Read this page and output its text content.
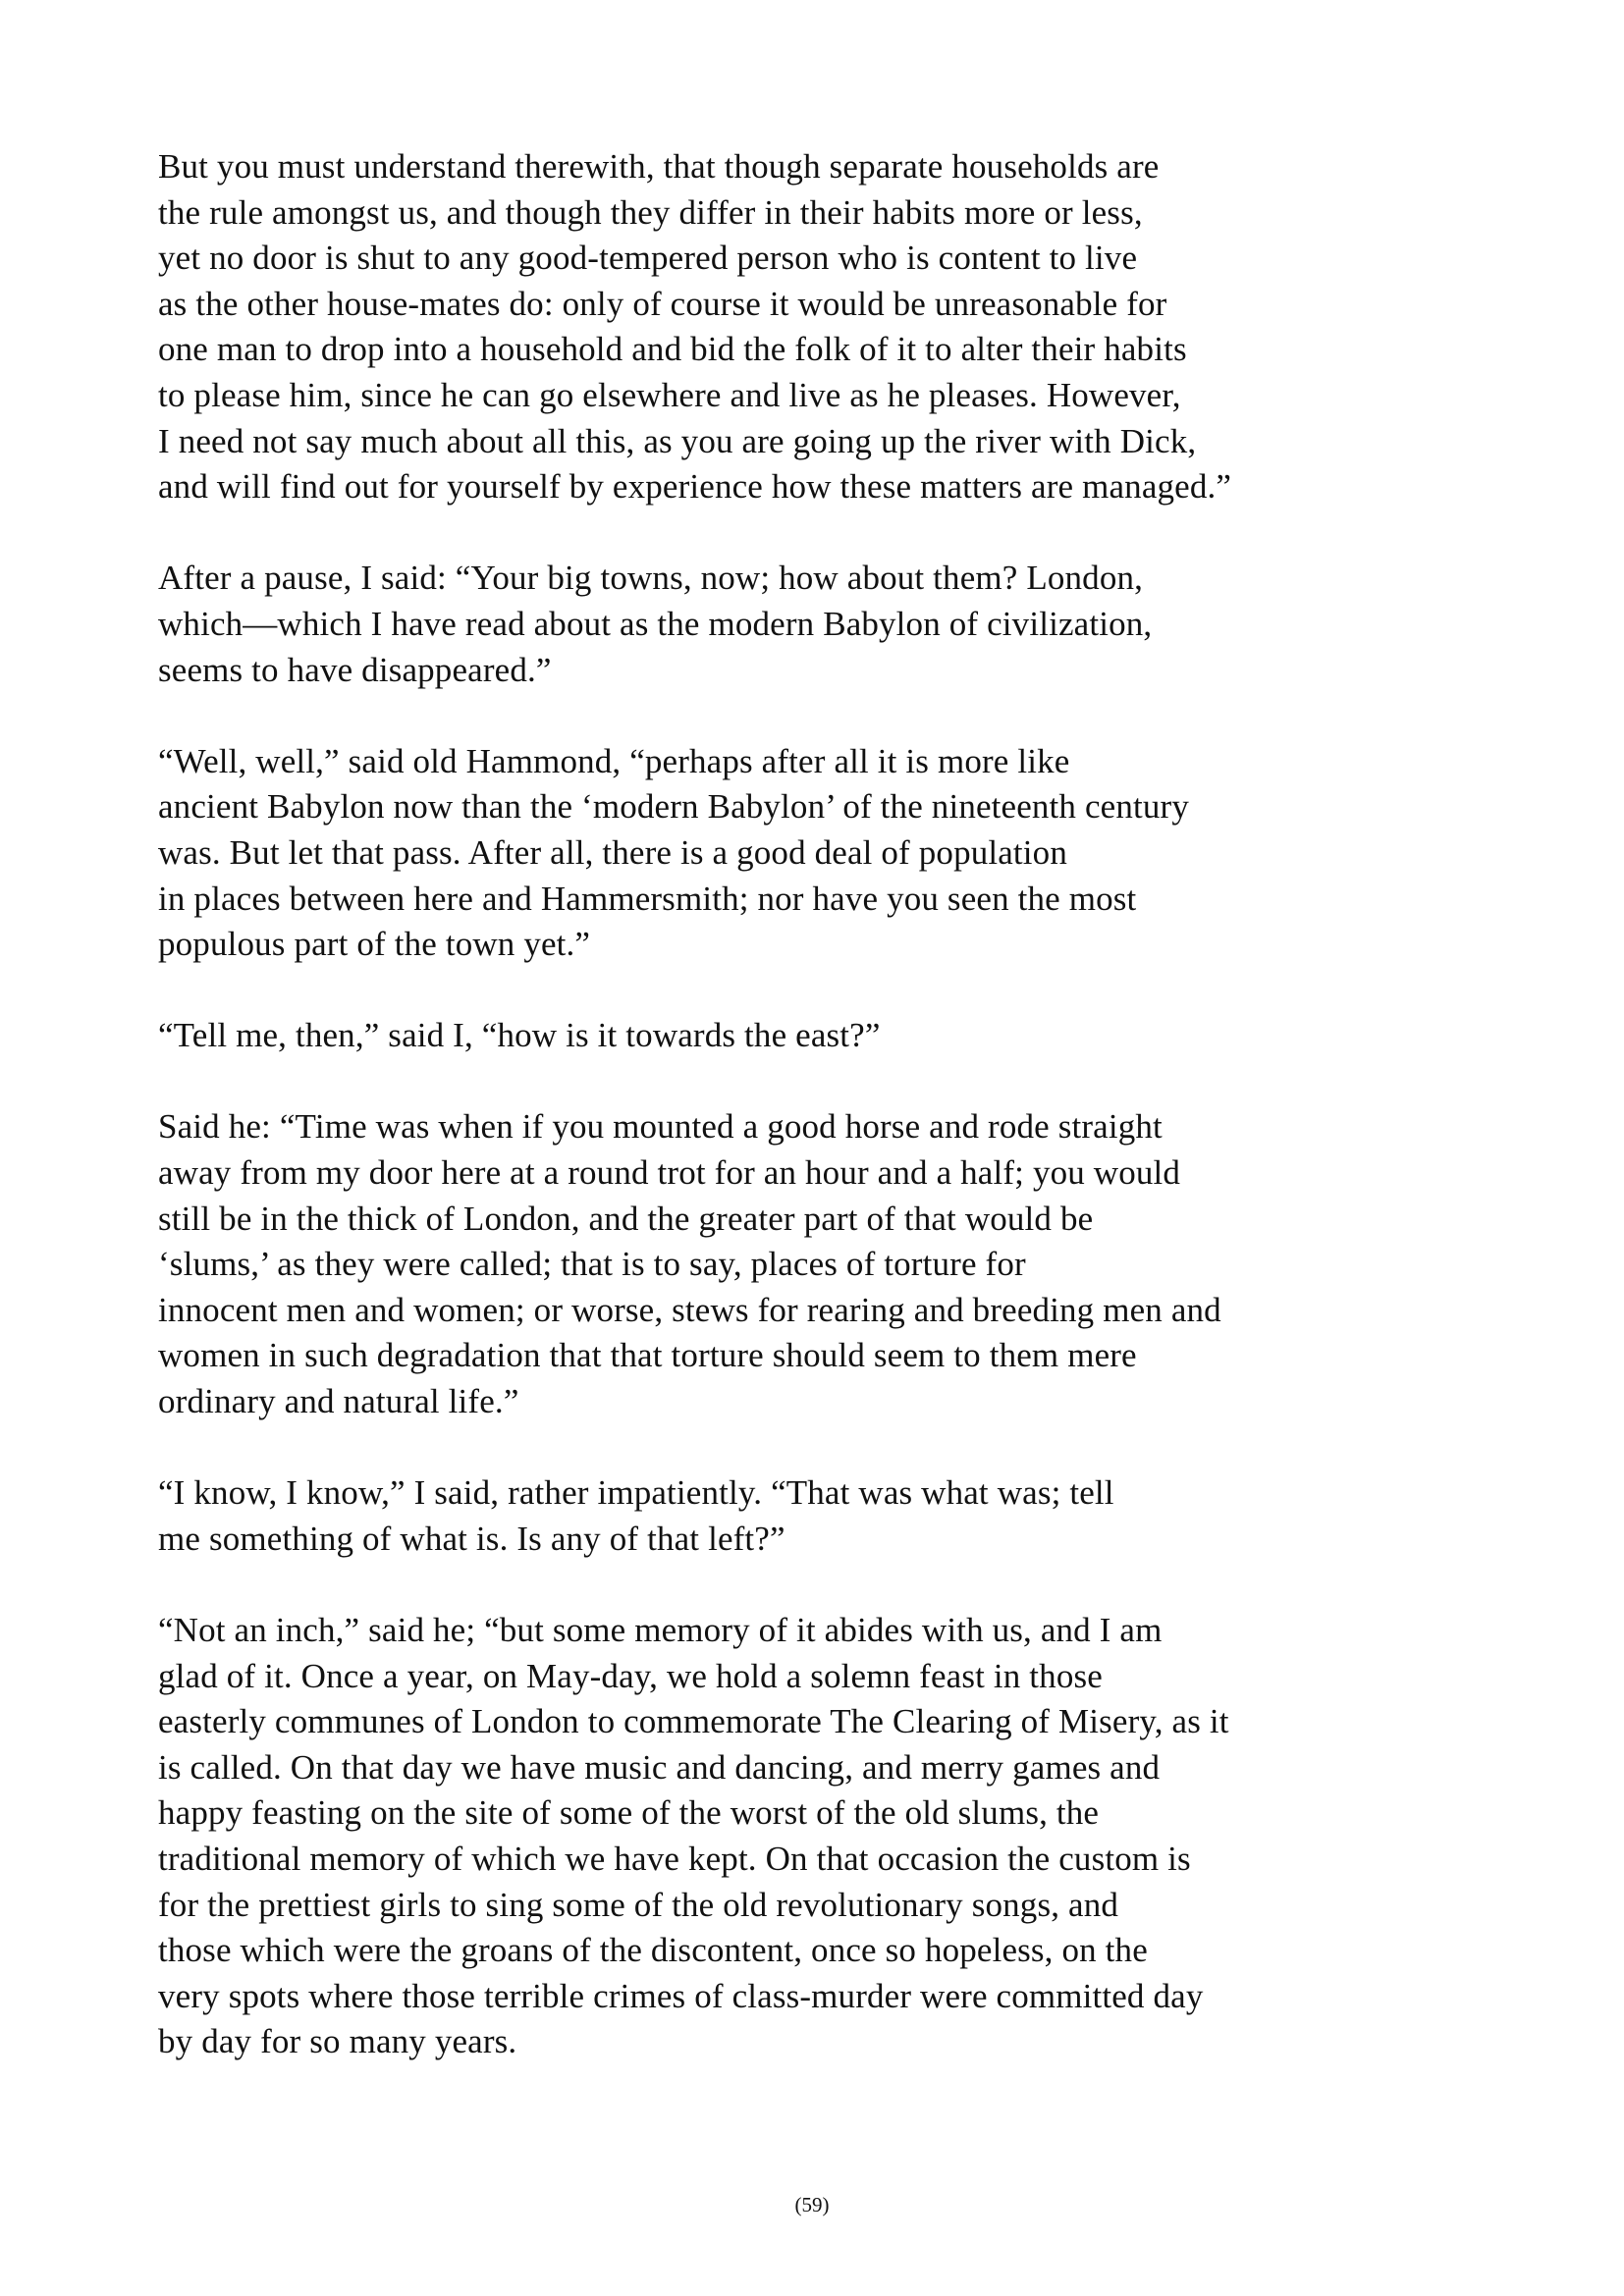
But you must understand therewith, that though separate households are
the rule amongst us, and though they differ in their habits more or less,
yet no door is shut to any good-tempered person who is content to live
as the other house-mates do: only of course it would be unreasonable for
one man to drop into a household and bid the folk of it to alter their habits
to please him, since he can go elsewhere and live as he pleases. However,
I need not say much about all this, as you are going up the river with Dick,
and will find out for yourself by experience how these matters are managed.”
After a pause, I said: “Your big towns, now; how about them? London,
which—which I have read about as the modern Babylon of civilization,
seems to have disappeared.”
“Well, well,” said old Hammond, “perhaps after all it is more like
ancient Babylon now than the ‘modern Babylon’ of the nineteenth century
was. But let that pass. After all, there is a good deal of population
in places between here and Hammersmith; nor have you seen the most
populous part of the town yet.”
“Tell me, then,” said I, “how is it towards the east?”
Said he: “Time was when if you mounted a good horse and rode straight
away from my door here at a round trot for an hour and a half; you would
still be in the thick of London, and the greater part of that would be
‘slums,’ as they were called; that is to say, places of torture for
innocent men and women; or worse, stews for rearing and breeding men and
women in such degradation that that torture should seem to them mere
ordinary and natural life.”
“I know, I know,” I said, rather impatiently. “That was what was; tell
me something of what is. Is any of that left?”
“Not an inch,” said he; “but some memory of it abides with us, and I am
glad of it. Once a year, on May-day, we hold a solemn feast in those
easterly communes of London to commemorate The Clearing of Misery, as it
is called. On that day we have music and dancing, and merry games and
happy feasting on the site of some of the worst of the old slums, the
traditional memory of which we have kept. On that occasion the custom is
for the prettiest girls to sing some of the old revolutionary songs, and
those which were the groans of the discontent, once so hopeless, on the
very spots where those terrible crimes of class-murder were committed day
by day for so many years.
(59)
